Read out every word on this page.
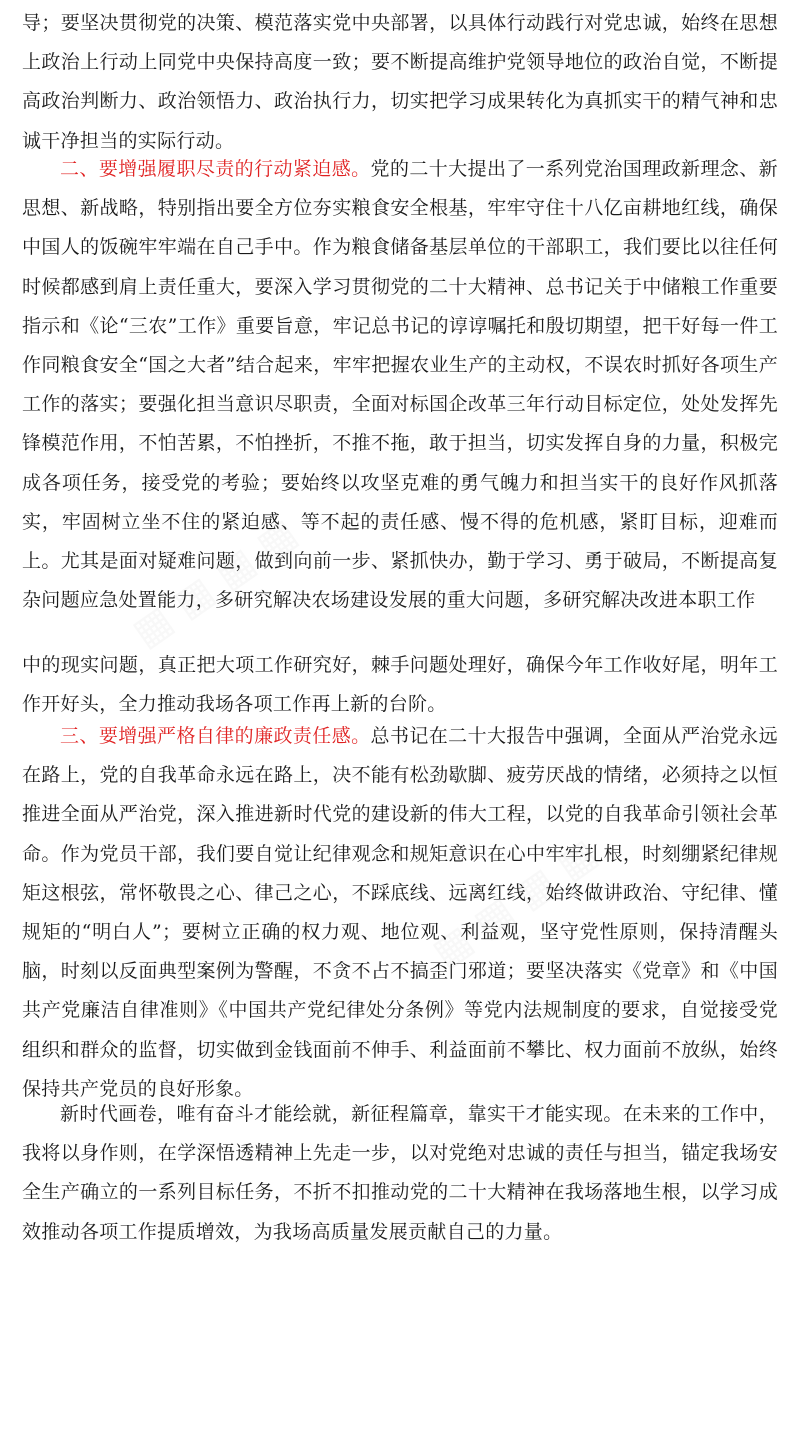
导；要坚决贯彻党的决策、模范落实党中央部署，以具体行动践行对党忠诚，始终在思想上政治上行动上同党中央保持高度一致；要不断提高维护党领导地位的政治自觉，不断提高政治判断力、政治领悟力、政治执行力，切实把学习成果转化为真抓实干的精气神和忠诚干净担当的实际行动。

二、要增强履职尽责的行动紧迫感。党的二十大提出了一系列党治国理政新理念、新思想、新战略，特别指出要全方位夯实粮食安全根基，牢牢守住十八亿亩耕地红线，确保中国人的饭碗牢牢端在自己手中。作为粮食储备基层单位的干部职工，我们要比以往任何时候都感到肩上责任重大，要深入学习贯彻党的二十大精神、总书记关于中储粮工作重要指示和《论“三农”工作》重要旨意，牢记总书记的谆谆嘱托和殷切期望，把干好每一件工作同粮食安全“国之大者”结合起来，牢牢把握农业生产的主动权，不误农时抓好各项生产工作的落实；要强化担当意识尽职责，全面对标国企改革三年行动目标定位，处处发挥先锋模范作用，不怕苦累，不怕挫折，不推不拖，敢于担当，切实发挥自身的力量，积极完成各项任务，接受党的考验；要始终以攻坚克难的勇气魄力和担当实干的良好作风抓落实，牢固树立坐不住的紧迫感、等不起的责任感、慢不得的危机感，紧盯目标，迎难而上。尤其是面对疑难问题，做到向前一步、紧抓快办，勤于学习、勇于破局，不断提高复杂问题应急处置能力，多研究解决农场建设发展的重大问题，多研究解决改进本职工作

中的现实问题，真正把大项工作研究好，棘手问题处理好，确保今年工作收好尾，明年工作开好头，全力推动我场各项工作再上新的台阶。

三、要增强严格自律的廉政责任感。总书记在二十大报告中强调，全面从严治党永远在路上，党的自我革命永远在路上，决不能有松劲歇脚、疲劳厌战的情绪，必须持之以恒推进全面从严治党，深入推进新时代党的建设新的伟大工程，以党的自我革命引领社会革命。作为党员干部，我们要自觉让纪律观念和规矩意识在心中牢牢扎根，时刻绷紧纪律规矩这根弦，常怀敬畏之心、律己之心，不踩底线、远离红线，始终做讲政治、守纪律、懂规矩的“明白人”；要树立正确的权力观、地位观、利益观，坚守党性原则，保持清醒头脑，时刻以反面典型案例为警醒，不贪不占不搞歪门邪道；要坚决落实《党章》和《中国共产党廉洁自律准则》《中国共产党纪律处分条例》等党内法规制度的要求，自觉接受党组织和群众的监督，切实做到金钱面前不伸手、利益面前不攀比、权力面前不放纵，始终保持共产党员的良好形象。

新时代画卷，唯有奋斗才能绘就，新征程篇章，靠实干才能实现。在未来的工作中，我将以身作则，在学深悟透精神上先走一步，以对党绝对忠诚的责任与担当，锚定我场安全生产确立的一系列目标任务，不折不扣推动党的二十大精神在我场落地生根，以学习成效推动各项工作提质增效，为我场高质量发展贡献自己的力量。

▦ ▦ ▦ ▦
▦ ▦ ▦ ▦
